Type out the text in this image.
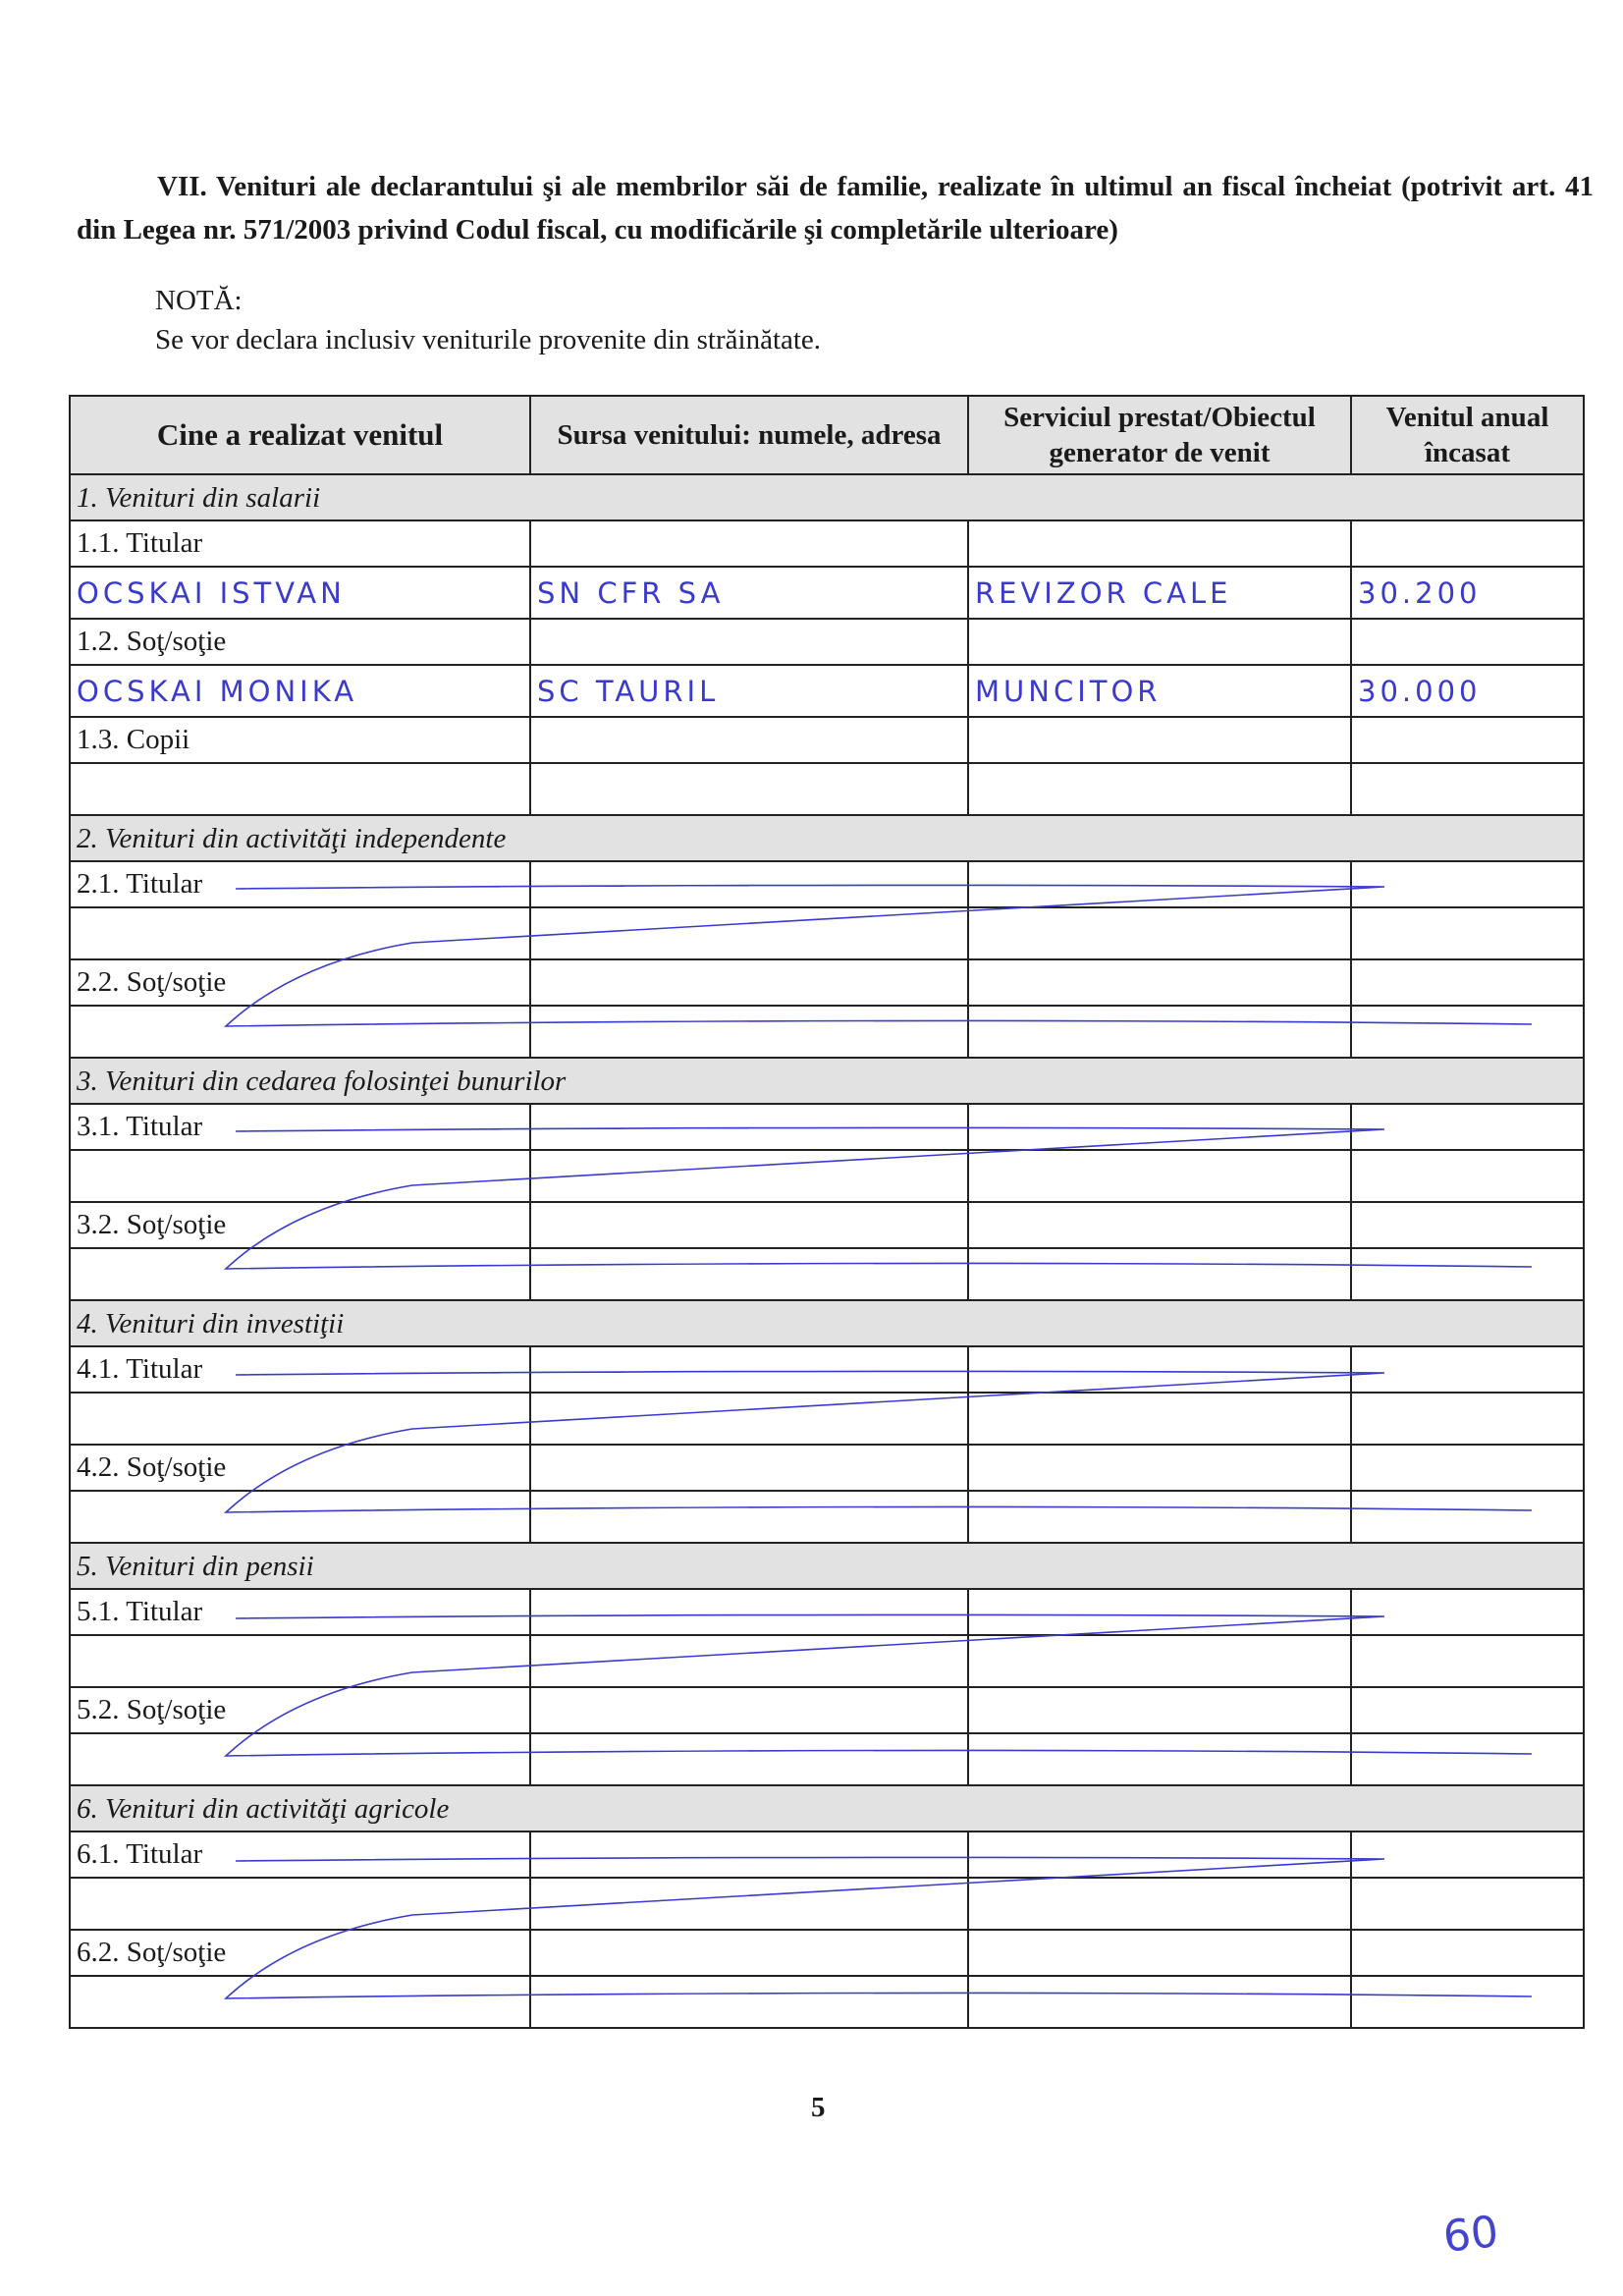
VII. Venituri ale declarantului şi ale membrilor săi de familie, realizate în ultimul an fiscal încheiat (potrivit art. 41 din Legea nr. 571/2003 privind Codul fiscal, cu modificările şi completările ulterioare)
NOTĂ:
Se vor declara inclusiv veniturile provenite din străinătate.
Cine a realizat venitul	Sursa venitului: numele, adresa	Serviciul prestat/Obiectul generator de venit	Venitul anual încasat
1. Venituri din salarii			
1.1. Titular			
OCSKAI ISTVAN	SN CFR SA	REVIZOR CALE	30.200
1.2. Soţ/soţie			
OCSKAI MONIKA	SC TAURIL	MUNCITOR	30.000
1.3. Copii			

2. Venituri din activităţi independente			
2.1. Titular			

2.2. Soţ/soţie			

3. Venituri din cedarea folosinţei bunurilor			
3.1. Titular			

3.2. Soţ/soţie			

4. Venituri din investiţii			
4.1. Titular			

4.2. Soţ/soţie			

5. Venituri din pensii			
5.1. Titular			

5.2. Soţ/soţie			

6. Venituri din activităţi agricole			
6.1. Titular			

6.2. Soţ/soţie			

5
60
